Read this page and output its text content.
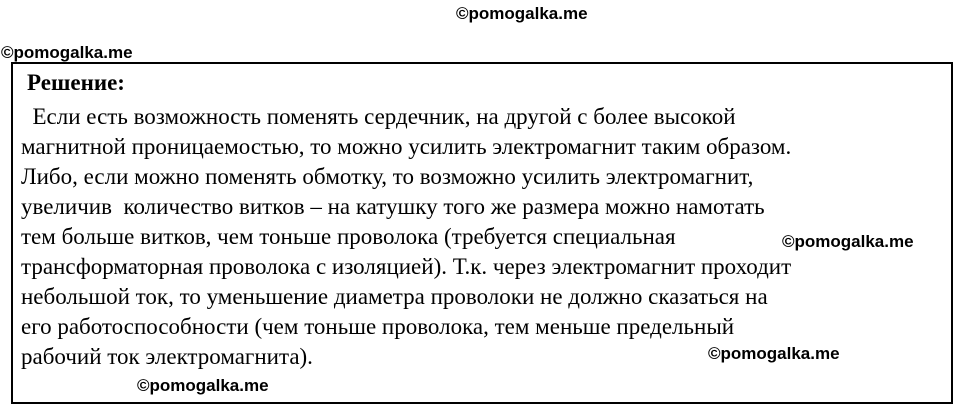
©pomogalka.me
©pomogalka.me
Решение:
Если есть возможность поменять сердечник, на другой с более высокой
магнитной проницаемостью, то можно усилить электромагнит таким образом.
Либо, если можно поменять обмотку, то возможно усилить электромагнит,
увеличив  количество витков – на катушку того же размера можно намотать
тем больше витков, чем тоньше проволока (требуется специальная
трансформаторная проволока с изоляцией). Т.к. через электромагнит проходит
небольшой ток, то уменьшение диаметра проволоки не должно сказаться на
его работоспособности (чем тоньше проволока, тем меньше предельный
рабочий ток электромагнита).
©pomogalka.me
©pomogalka.me
©pomogalka.me
